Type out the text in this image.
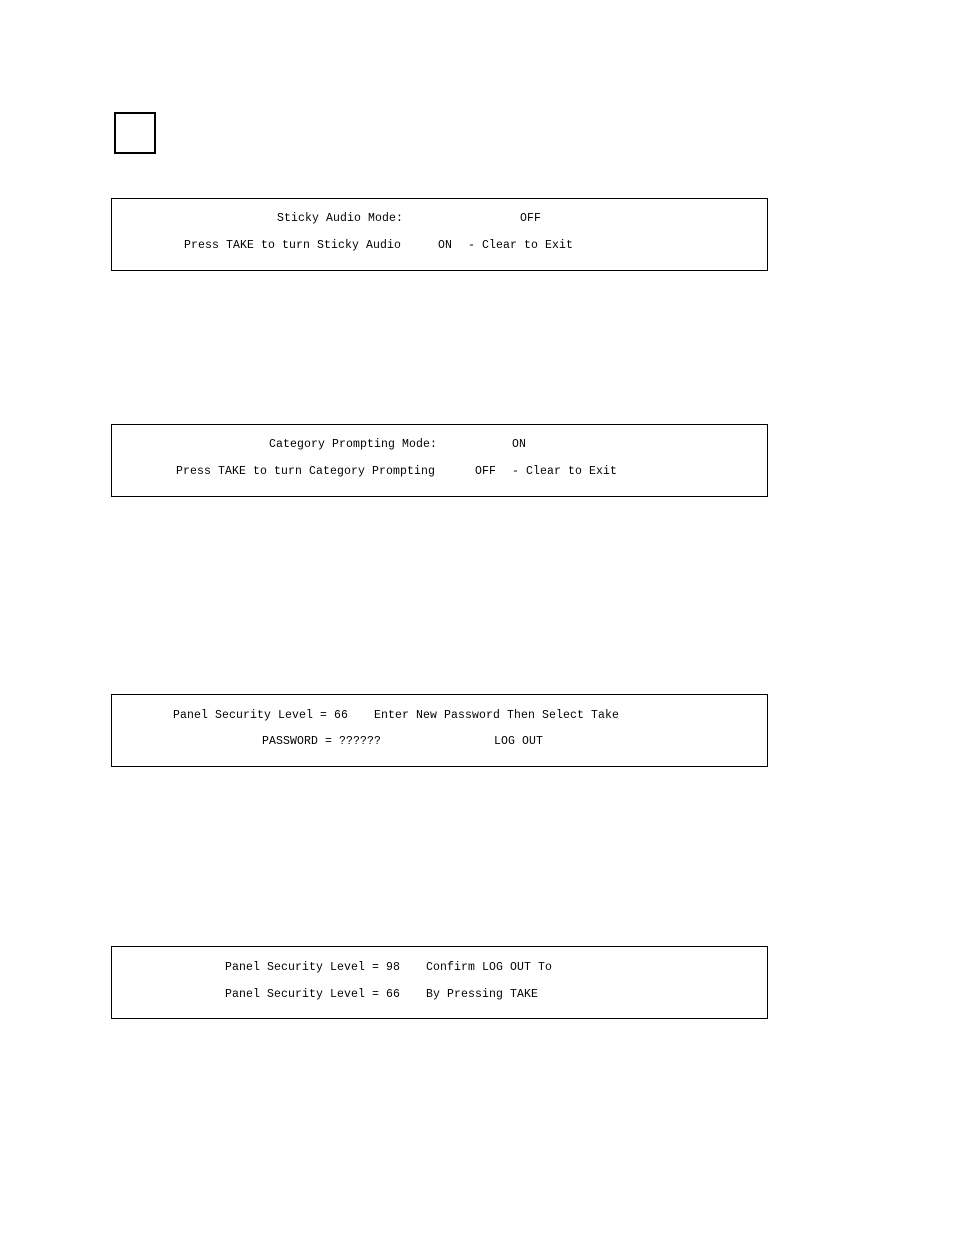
Sticky Audio Mode:	OFF
Press TAKE to turn Sticky Audio	ON - Clear to Exit
Category Prompting Mode:	ON
Press TAKE to turn Category Prompting	OFF - Clear to Exit
Panel Security Level = 66 Enter New Password Then Select Take
PASSWORD = ??????	LOG OUT
Panel Security Level = 98 Confirm LOG OUT To
Panel Security Level = 66 By Pressing TAKE
